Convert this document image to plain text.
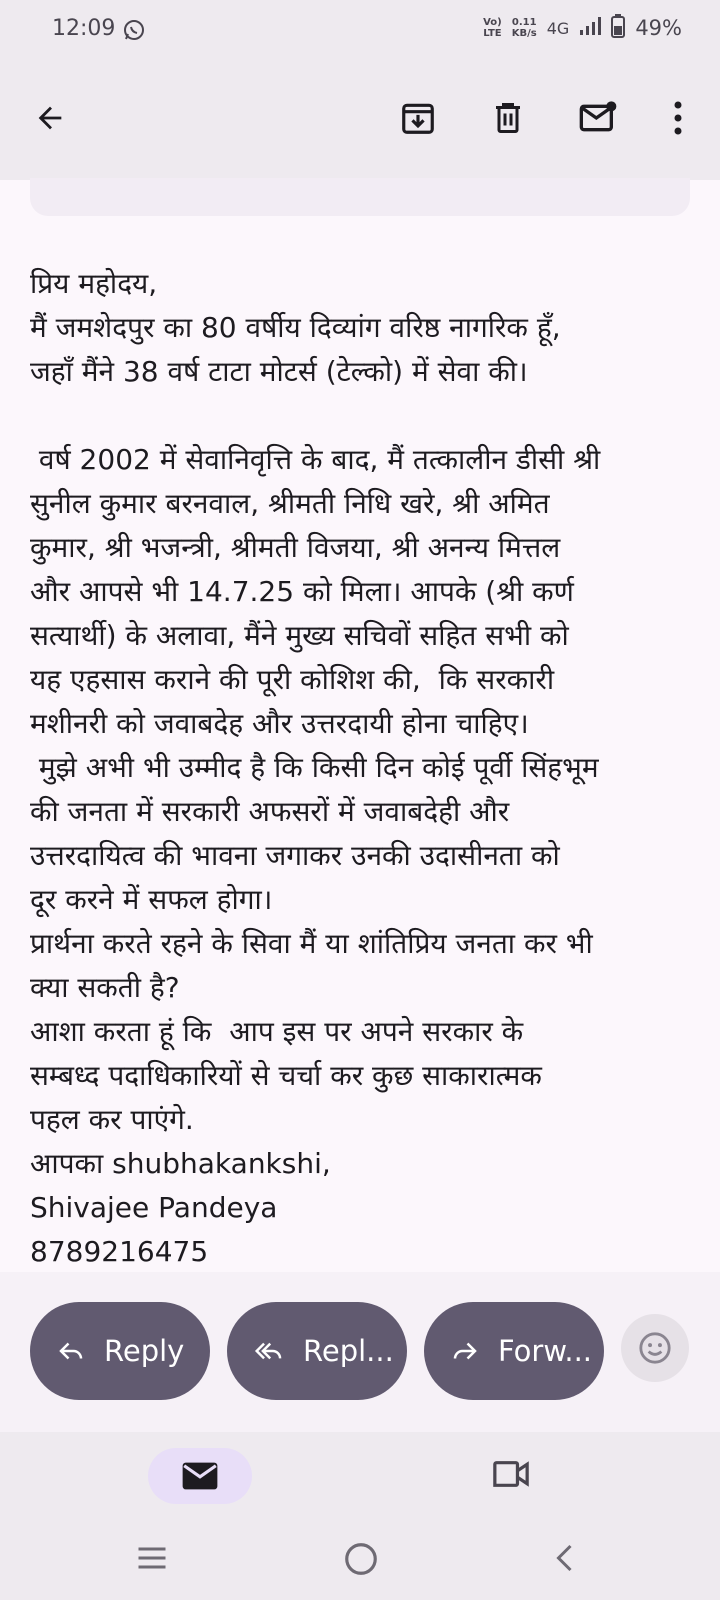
12:09	Vo)
LTE
0.11
KB/s 4G	49%
प्रिय महोदय,
मैं जमशेदपुर का 80 वर्षीय दिव्यांग वरिष्ठ नागरिक हूँ,
जहाँ मैंने 38 वर्ष टाटा मोटर्स (टेल्को) में सेवा की।

वर्ष 2002 में सेवानिवृत्ति के बाद, मैं तत्कालीन डीसी श्री
सुनील कुमार बरनवाल, श्रीमती निधि खरे, श्री अमित
कुमार, श्री भजन्त्री, श्रीमती विजया, श्री अनन्य मित्तल
और आपसे भी 14.7.25 को मिला। आपके (श्री कर्ण
सत्यार्थी) के अलावा, मैंने मुख्य सचिवों सहित सभी को
यह एहसास कराने की पूरी कोशिश की,  कि सरकारी
मशीनरी को जवाबदेह और उत्तरदायी होना चाहिए।
मुझे अभी भी उम्मीद है कि किसी दिन कोई पूर्वी सिंहभूम
की जनता में सरकारी अफसरों में जवाबदेही और
उत्तरदायित्व की भावना जगाकर उनकी उदासीनता को
दूर करने में सफल होगा।
प्रार्थना करते रहने के सिवा मैं या शांतिप्रिय जनता कर भी
क्या सकती है?
आशा करता हूं कि  आप इस पर अपने सरकार के
सम्बध्द पदाधिकारियों से चर्चा कर कुछ साकारात्मक
पहल कर पाएंगे.
आपका shubhakankshi,
Shivajee Pandeya
8789216475
Reply	Repl...	Forw...
